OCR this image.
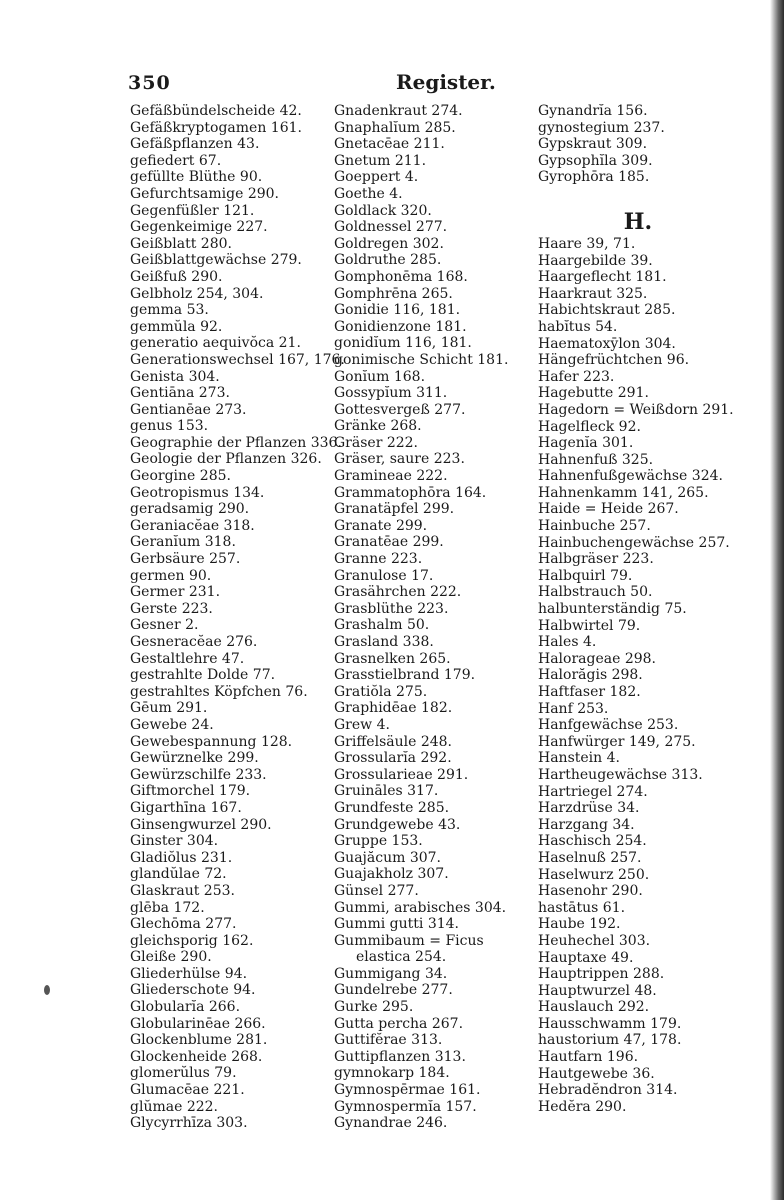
350	Register.
Gefäßbündelscheide 42.
Gefäßkryptogamen 161.
Gefäßpflanzen 43.
gefiedert 67.
gefüllte Blüthe 90.
Gefurchtsamige 290.
Gegenfüßler 121.
Gegenkeimige 227.
Geißblatt 280.
Geißblattgewächse 279.
Geißfuß 290.
Gelbholz 254, 304.
gemma 53.
gemmŭla 92.
generatio aequivŏca 21.
Generationswechsel 167, 176.
Genista 304.
Gentiāna 273.
Gentianēae 273.
genus 153.
Geographie der Pflanzen 336.
Geologie der Pflanzen 326.
Georgine 285.
Geotropismus 134.
geradsamig 290.
Geraniacĕae 318.
Geranĭum 318.
Gerbsäure 257.
germen 90.
Germer 231.
Gerste 223.
Gesner 2.
Gesneracĕae 276.
Gestaltlehre 47.
gestrahlte Dolde 77.
gestrahltes Köpfchen 76.
Gēum 291.
Gewebe 24.
Gewebespannung 128.
Gewürznelke 299.
Gewürzschilfe 233.
Giftmorchel 179.
Gigarthīna 167.
Ginsengwurzel 290.
Ginster 304.
Gladiŏlus 231.
glandŭlae 72.
Glaskraut 253.
glēba 172.
Glechōma 277.
gleichsporig 162.
Gleiße 290.
Gliederhülse 94.
Gliederschote 94.
Globularĭa 266.
Globularinēae 266.
Glockenblume 281.
Glockenheide 268.
glomerŭlus 79.
Glumacēae 221.
glŭmae 222.
Glycyrrhīza 303.
Gnadenkraut 274.
Gnaphalĭum 285.
Gnetacēae 211.
Gnetum 211.
Goeppert 4.
Goethe 4.
Goldlack 320.
Goldnessel 277.
Goldregen 302.
Goldruthe 285.
Gomphonēma 168.
Gomphrēna 265.
Gonidie 116, 181.
Gonidienzone 181.
gonidĭum 116, 181.
gonimische Schicht 181.
Gonĭum 168.
Gossypĭum 311.
Gottesvergeß 277.
Gränke 268.
Gräser 222.
Gräser, saure 223.
Gramineae 222.
Grammatophōra 164.
Granatäpfel 299.
Granate 299.
Granatēae 299.
Granne 223.
Granulose 17.
Grasährchen 222.
Grasblüthe 223.
Grashalm 50.
Grasland 338.
Grasnelken 265.
Grasstielbrand 179.
Gratiŏla 275.
Graphidēae 182.
Grew 4.
Griffelsäule 248.
Grossularĭa 292.
Grossularieae 291.
Gruināles 317.
Grundfeste 285.
Grundgewebe 43.
Gruppe 153.
Guajăcum 307.
Guajakholz 307.
Günsel 277.
Gummi, arabisches 304.
Gummi gutti 314.
Gummibaum = Ficus
elastica 254.
Gummigang 34.
Gundelrebe 277.
Gurke 295.
Gutta percha 267.
Guttifĕrae 313.
Guttipflanzen 313.
gymnokarp 184.
Gymnospērmae 161.
Gymnospermĭa 157.
Gynandrae 246.
Gynandrĭa 156.
gynostegium 237.
Gypskraut 309.
Gypsophĭla 309.
Gyrophōra 185.
H.
Haare 39, 71.
Haargebilde 39.
Haargeflecht 181.
Haarkraut 325.
Habichtskraut 285.
habĭtus 54.
Haematoxȳlon 304.
Hängefrüchtchen 96.
Hafer 223.
Hagebutte 291.
Hagedorn = Weißdorn 291.
Hagelfleck 92.
Hagenĭa 301.
Hahnenfuß 325.
Hahnenfußgewächse 324.
Hahnenkamm 141, 265.
Haide = Heide 267.
Hainbuche 257.
Hainbuchengewächse 257.
Halbgräser 223.
Halbquirl 79.
Halbstrauch 50.
halbunterständig 75.
Halbwirtel 79.
Hales 4.
Halorageae 298.
Halorăgis 298.
Haftfaser 182.
Hanf 253.
Hanfgewächse 253.
Hanfwürger 149, 275.
Hanstein 4.
Hartheugewächse 313.
Hartriegel 274.
Harzdrüse 34.
Harzgang 34.
Haschisch 254.
Haselnuß 257.
Haselwurz 250.
Hasenohr 290.
hastātus 61.
Haube 192.
Heuhechel 303.
Hauptaxe 49.
Hauptrippen 288.
Hauptwurzel 48.
Hauslauch 292.
Hausschwamm 179.
haustorium 47, 178.
Hautfarn 196.
Hautgewebe 36.
Hebradĕndron 314.
Hedĕra 290.
